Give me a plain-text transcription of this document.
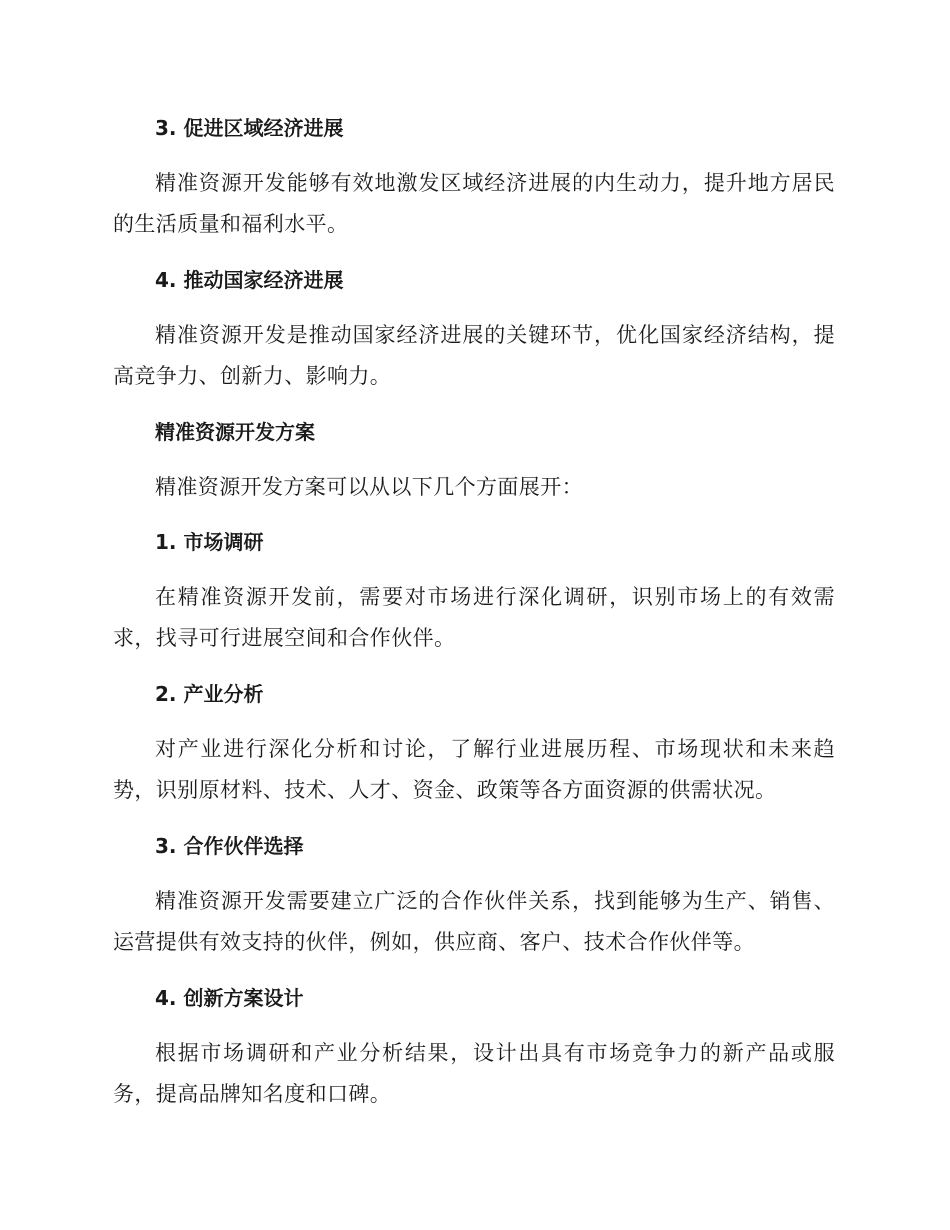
3. 促进区域经济进展

精准资源开发能够有效地激发区域经济进展的内生动力，提升地方居民的生活质量和福利水平。

4. 推动国家经济进展

精准资源开发是推动国家经济进展的关键环节，优化国家经济结构，提高竞争力、创新力、影响力。

精准资源开发方案

精准资源开发方案可以从以下几个方面展开：

1. 市场调研

在精准资源开发前，需要对市场进行深化调研，识别市场上的有效需求，找寻可行进展空间和合作伙伴。

2. 产业分析

对产业进行深化分析和讨论，了解行业进展历程、市场现状和未来趋势，识别原材料、技术、人才、资金、政策等各方面资源的供需状况。

3. 合作伙伴选择

精准资源开发需要建立广泛的合作伙伴关系，找到能够为生产、销售、运营提供有效支持的伙伴，例如，供应商、客户、技术合作伙伴等。

4. 创新方案设计

根据市场调研和产业分析结果，设计出具有市场竞争力的新产品或服务，提高品牌知名度和口碑。
